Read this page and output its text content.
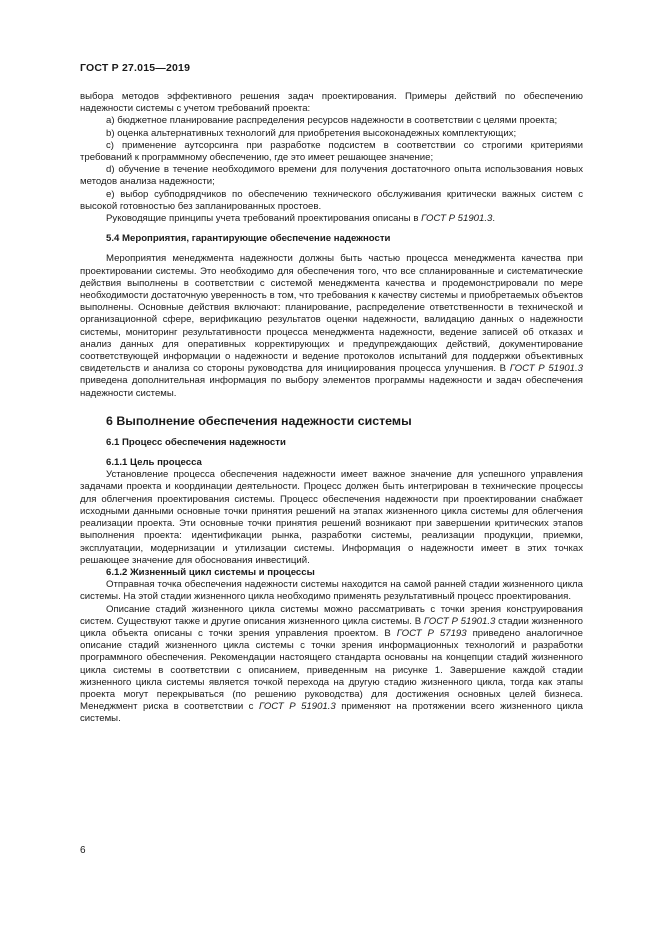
ГОСТ Р 27.015—2019

выбора методов эффективного решения задач проектирования. Примеры действий по обеспечению надежности системы с учетом требований проекта:

a) бюджетное планирование распределения ресурсов надежности в соответствии с целями проекта;

b) оценка альтернативных технологий для приобретения высоконадежных комплектующих;

c) применение аутсорсинга при разработке подсистем в соответствии со строгими критериями требований к программному обеспечению, где это имеет решающее значение;

d) обучение в течение необходимого времени для получения достаточного опыта использования новых методов анализа надежности;

e) выбор субподрядчиков по обеспечению технического обслуживания критически важных систем с высокой готовностью без запланированных простоев.

Руководящие принципы учета требований проектирования описаны в ГОСТ Р 51901.3.

5.4 Мероприятия, гарантирующие обеспечение надежности

Мероприятия менеджмента надежности должны быть частью процесса менеджмента качества при проектировании системы. Это необходимо для обеспечения того, что все спланированные и систематические действия выполнены в соответствии с системой менеджмента качества и продемонстрировали по мере необходимости достаточную уверенность в том, что требования к качеству системы и приобретаемых объектов выполнены. Основные действия включают: планирование, распределение ответственности в технической и организационной сфере, верификацию результатов оценки надежности, валидацию данных о надежности системы, мониторинг результативности процесса менеджмента надежности, ведение записей об отказах и анализ данных для оперативных корректирующих и предупреждающих действий, документирование соответствующей информации о надежности и ведение протоколов испытаний для поддержки объективных свидетельств и анализа со стороны руководства для инициирования процесса улучшения. В ГОСТ Р 51901.3 приведена дополнительная информация по выбору элементов программы надежности и задач обеспечения надежности системы.

6 Выполнение обеспечения надежности системы

6.1 Процесс обеспечения надежности

6.1.1 Цель процесса

Установление процесса обеспечения надежности имеет важное значение для успешного управления задачами проекта и координации деятельности. Процесс должен быть интегрирован в технические процессы для облегчения проектирования системы. Процесс обеспечения надежности при проектировании снабжает исходными данными основные точки принятия решений на этапах жизненного цикла системы для облегчения реализации проекта. Эти основные точки принятия решений возникают при завершении критических этапов выполнения проекта: идентификации рынка, разработки системы, реализации продукции, приемки, эксплуатации, модернизации и утилизации системы. Информация о надежности имеет в этих точках решающее значение для обоснования инвестиций.

6.1.2 Жизненный цикл системы и процессы

Отправная точка обеспечения надежности системы находится на самой ранней стадии жизненного цикла системы. На этой стадии жизненного цикла необходимо применять результативный процесс проектирования.

Описание стадий жизненного цикла системы можно рассматривать с точки зрения конструирования систем. Существуют также и другие описания жизненного цикла системы. В ГОСТ Р 51901.3 стадии жизненного цикла объекта описаны с точки зрения управления проектом. В ГОСТ Р 57193 приведено аналогичное описание стадий жизненного цикла системы с точки зрения информационных технологий и разработки программного обеспечения. Рекомендации настоящего стандарта основаны на концепции стадий жизненного цикла системы в соответствии с описанием, приведенным на рисунке 1. Завершение каждой стадии жизненного цикла системы является точкой перехода на другую стадию жизненного цикла, тогда как этапы проекта могут перекрываться (по решению руководства) для достижения основных целей бизнеса. Менеджмент риска в соответствии с ГОСТ Р 51901.3 применяют на протяжении всего жизненного цикла системы.

6
